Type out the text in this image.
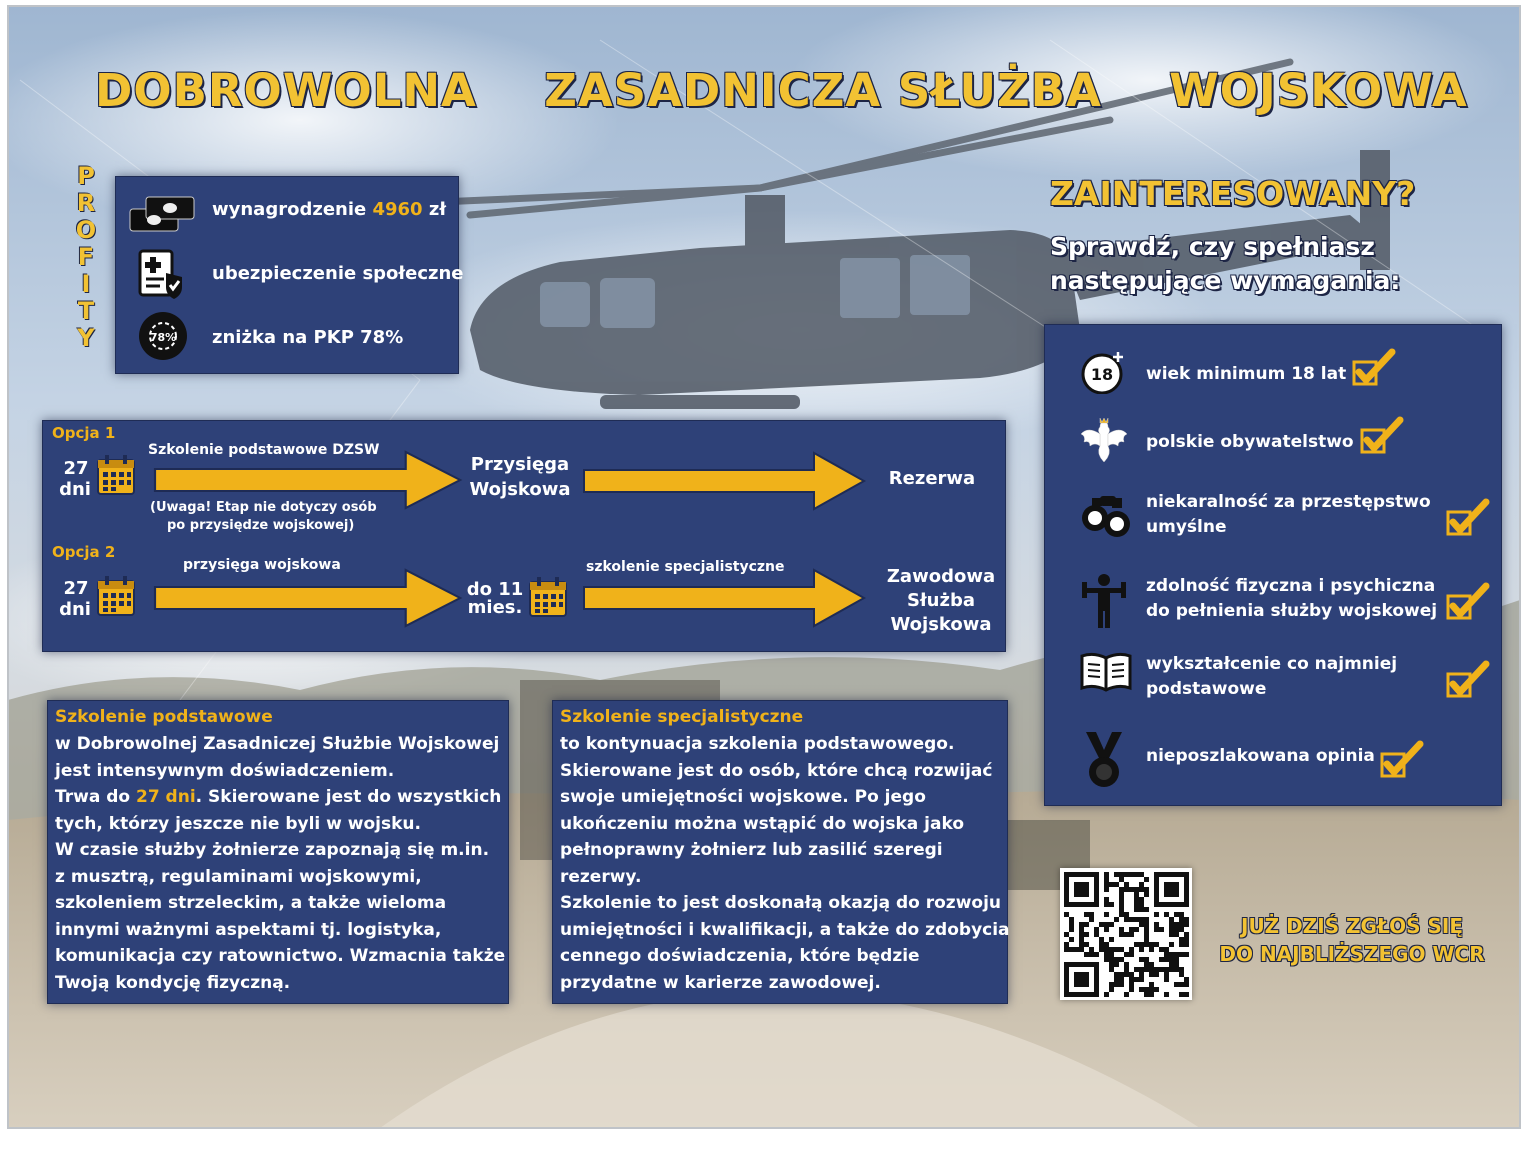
DOBROWOLNA ZASADNICZA SŁUŻBA WOJSKOWA
P
R
O
F
I
T
Y
wynagrodzenie 4960 zł
ubezpieczenie społeczne
78% zniżka na PKP 78%
ZAINTERESOWANY?
Sprawdź, czy spełniasz
następujące wymagania:
18 wiek minimum 18 lat
polskie obywatelstwo
niekaralność za przestępstwo
umyślne
zdolność fizyczna i psychiczna
do pełnienia służby wojskowej
wykształcenie co najmniej
podstawowe
nieposzlakowana opinia
Opcja 1
27
dni
Szkolenie podstawowe DZSW
(Uwaga! Etap nie dotyczy osób
po przysiędze wojskowej)
Przysięga
Wojskowa
Rezerwa
Opcja 2
27
dni
przysięga wojskowa
do 11
mies.
szkolenie specjalistyczne	Zawodowa
Służba
Wojskowa
Szkolenie podstawowe
w Dobrowolnej Zasadniczej Służbie Wojskowej
jest intensywnym doświadczeniem.
Trwa do 27 dni. Skierowane jest do wszystkich
tych, którzy jeszcze nie byli w wojsku.
W czasie służby żołnierze zapoznają się m.in.
z musztrą, regulaminami wojskowymi,
szkoleniem strzeleckim, a także wieloma
innymi ważnymi aspektami tj. logistyka,
komunikacja czy ratownictwo. Wzmacnia także
Twoją kondycję fizyczną.
Szkolenie specjalistyczne
to kontynuacja szkolenia podstawowego.
Skierowane jest do osób, które chcą rozwijać
swoje umiejętności wojskowe. Po jego
ukończeniu można wstąpić do wojska jako
pełnoprawny żołnierz lub zasilić szeregi
rezerwy.
Szkolenie to jest doskonałą okazją do rozwoju
umiejętności i kwalifikacji, a także do zdobycia
cennego doświadczenia, które będzie
przydatne w karierze zawodowej.
JUŻ DZIŚ ZGŁOŚ SIĘ
DO NAJBLIŻSZEGO WCR
